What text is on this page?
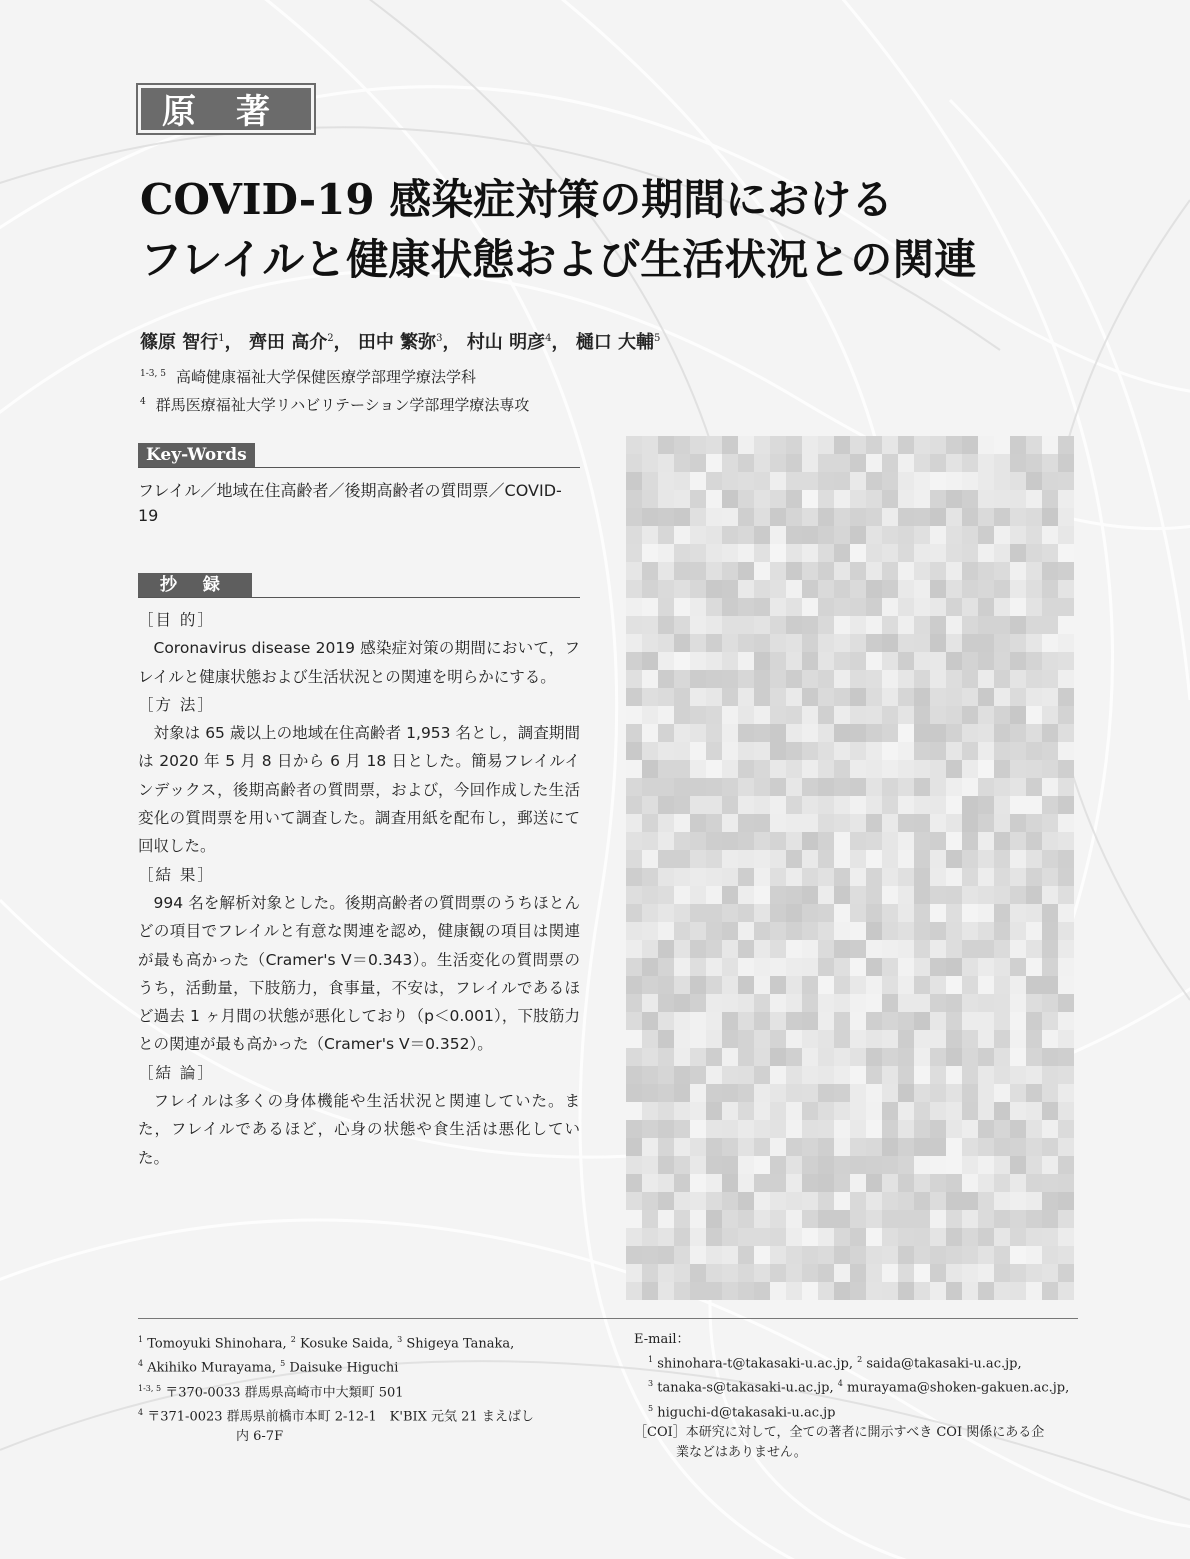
原著
COVID-19 感染症対策の期間における
フレイルと健康状態および生活状況との関連
篠原 智行$^1$， 齊田 高介$^2$， 田中 繁弥$^3$， 村山 明彦$^4$， 樋口 大輔$^5$
$^{1-3, 5}$ 高崎健康福祉大学保健医療学部理学療法学科
$^4$ 群馬医療福祉大学リハビリテーション学部理学療法専攻
Key-Words
フレイル／地域在住高齢者／後期高齢者の質問票／COVID-19
抄 録
［目 的］

Coronavirus disease 2019 感染症対策の期間において，フレイルと健康状態および生活状況との関連を明らかにする。

［方 法］

対象は 65 歳以上の地域在住高齢者 1,953 名とし，調査期間は 2020 年 5 月 8 日から 6 月 18 日とした。簡易フレイルインデックス，後期高齢者の質問票，および，今回作成した生活変化の質問票を用いて調査した。調査用紙を配布し，郵送にて回収した。

［結 果］

994 名を解析対象とした。後期高齢者の質問票のうちほとんどの項目でフレイルと有意な関連を認め，健康観の項目は関連が最も高かった（Cramer's V＝0.343）。生活変化の質問票のうち，活動量，下肢筋力，食事量，不安は，フレイルであるほど過去 1 ヶ月間の状態が悪化しており（p＜0.001），下肢筋力との関連が最も高かった（Cramer's V＝0.352）。

［結 論］

フレイルは多くの身体機能や生活状況と関連していた。また，フレイルであるほど，心身の状態や食生活は悪化していた。

$^1$ Tomoyuki Shinohara, $^2$ Kosuke Saida, $^3$ Shigeya Tanaka,
$^4$ Akihiko Murayama, $^5$ Daisuke Higuchi
$^{1-3, 5}$ 〒370-0033 群馬県高崎市中大類町 501
$^4$ 〒371-0023 群馬県前橋市本町 2-12-1　K'BIX 元気 21 まえばし
内 6-7F
E-mail：
$^1$ shinohara-t@takasaki-u.ac.jp, $^2$ saida@takasaki-u.ac.jp,
$^3$ tanaka-s@takasaki-u.ac.jp, $^4$ murayama@shoken-gakuen.ac.jp,
$^5$ higuchi-d@takasaki-u.ac.jp
［COI］本研究に対して，全ての著者に開示すべき COI 関係にある企
業などはありません。
